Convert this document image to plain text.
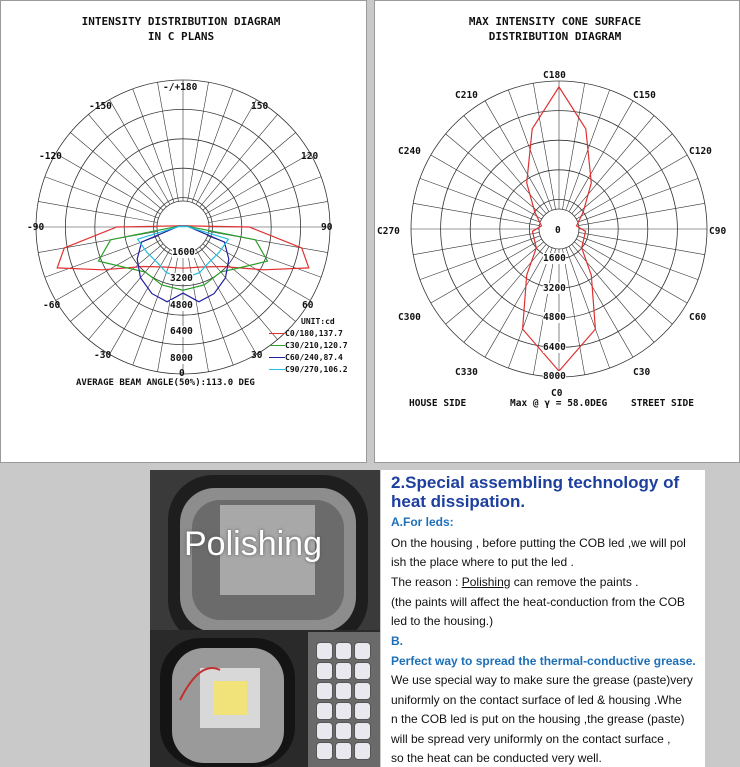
INTENSITY DISTRIBUTION DIAGRAM
IN C PLANS
-/+180
-150	150
-120	120
-90	90
-60	60
-30	30
0
1600
3200
4800
6400
8000
UNIT:cd
C0/180,137.7
C30/210,120.7
C60/240,87.4
C90/270,106.2
AVERAGE BEAM ANGLE(50%):113.0 DEG
MAX INTENSITY CONE SURFACE
DISTRIBUTION DIAGRAM
C180
C210	C150
C240	C120
C270	C90
C300	C60
C330	C30
C0
0
1600
3200
4800
6400
8000
HOUSE SIDE	Max @ γ = 58.0DEG	STREET SIDE
Polishing
2.Special assembling technology of heat dissipation.
A.For leds:
On the housing , before putting the COB led ,we will pol
ish the place where to put the led .
The reason : Polishing can remove the paints .
(the paints will affect the heat-conduction from the COB
led to the housing.)
B.
Perfect way to spread the thermal-conductive grease.
We use special way to make sure the grease (paste)very
uniformly on the contact surface of led & housing .Whe
n the COB led is put on the housing ,the grease (paste)
will be spread very uniformly on the contact surface ,
so the heat can be conducted very well.
